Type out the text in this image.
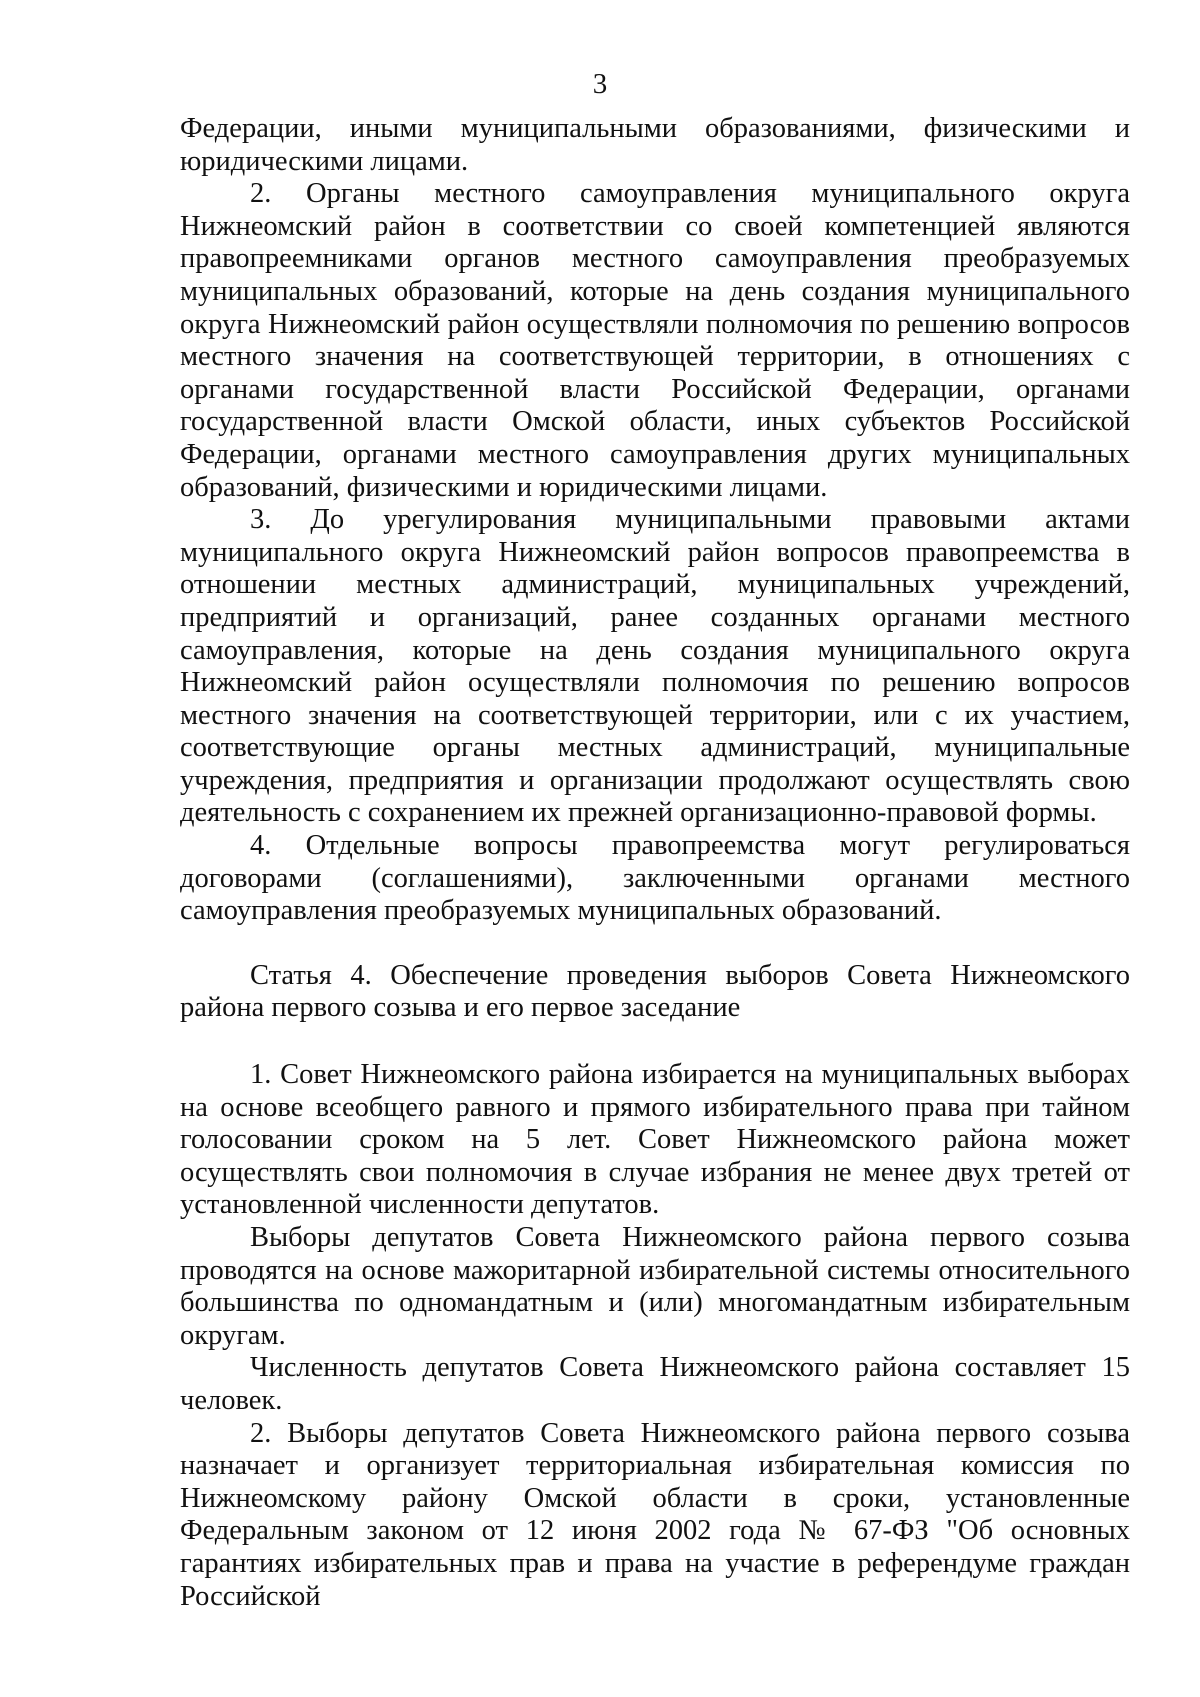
3

Федерации, иными муниципальными образованиями, физическими и юридическими лицами.

2. Органы местного самоуправления муниципального округа Нижнеомский район в соответствии со своей компетенцией являются правопреемниками органов местного самоуправления преобразуемых муниципальных образований, которые на день создания муниципального округа Нижнеомский район осуществляли полномочия по решению вопросов местного значения на соответствующей территории, в отношениях с органами государственной власти Российской Федерации, органами государственной власти Омской области, иных субъектов Российской Федерации, органами местного самоуправления других муниципальных образований, физическими и юридическими лицами.

3. До урегулирования муниципальными правовыми актами муниципального округа Нижнеомский район вопросов правопреемства в отношении местных администраций, муниципальных учреждений, предприятий и организаций, ранее созданных органами местного самоуправления, которые на день создания муниципального округа Нижнеомский район осуществляли полномочия по решению вопросов местного значения на соответствующей территории, или с их участием, соответствующие органы местных администраций, муниципальные учреждения, предприятия и организации продолжают осуществлять свою деятельность с сохранением их прежней организационно-правовой формы.

4. Отдельные вопросы правопреемства могут регулироваться договорами (соглашениями), заключенными органами местного самоуправления преобразуемых муниципальных образований.

Статья 4. Обеспечение проведения выборов Совета Нижнеомского района первого созыва и его первое заседание

1. Совет Нижнеомского района избирается на муниципальных выборах на основе всеобщего равного и прямого избирательного права при тайном голосовании сроком на 5 лет. Совет Нижнеомского района может осуществлять свои полномочия в случае избрания не менее двух третей от установленной численности депутатов.

Выборы депутатов Совета Нижнеомского района первого созыва проводятся на основе мажоритарной избирательной системы относительного большинства по одномандатным и (или) многомандатным избирательным округам.

Численность депутатов Совета Нижнеомского района составляет 15 человек.

2. Выборы депутатов Совета Нижнеомского района первого созыва назначает и организует территориальная избирательная комиссия по Нижнеомскому району Омской области в сроки, установленные Федеральным законом от 12 июня 2002 года № 67-ФЗ "Об основных гарантиях избирательных прав и права на участие в референдуме граждан Российской
